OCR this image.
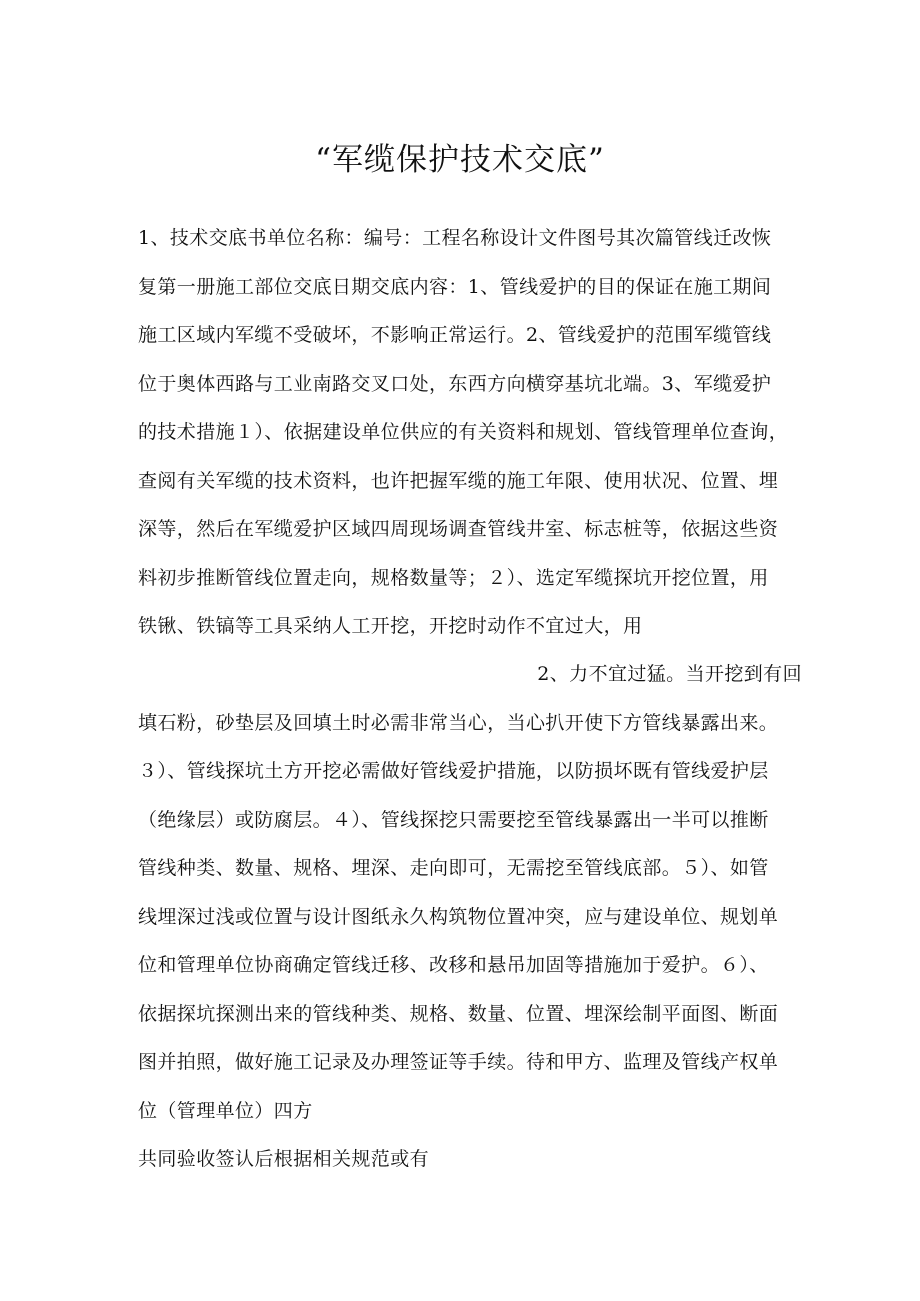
“军缆保护技术交底”
1、技术交底书单位名称：编号：工程名称设计文件图号其次篇管线迁改恢
复第一册施工部位交底日期交底内容：1、管线爱护的目的保证在施工期间
施工区域内军缆不受破坏，不影响正常运行。2、管线爱护的范围军缆管线
位于奥体西路与工业南路交叉口处，东西方向横穿基坑北端。3、军缆爱护
的技术措施１）、依据建设单位供应的有关资料和规划、管线管理单位查询，
查阅有关军缆的技术资料，也许把握军缆的施工年限、使用状况、位置、埋
深等，然后在军缆爱护区域四周现场调查管线井室、标志桩等，依据这些资
料初步推断管线位置走向，规格数量等；２）、选定军缆探坑开挖位置，用
铁锹、铁镐等工具采纳人工开挖，开挖时动作不宜过大，用
2、力不宜过猛。当开挖到有回
填石粉，砂垫层及回填土时必需非常当心，当心扒开使下方管线暴露出来。
３）、管线探坑土方开挖必需做好管线爱护措施，以防损坏既有管线爱护层
（绝缘层）或防腐层。４）、管线探挖只需要挖至管线暴露出一半可以推断
管线种类、数量、规格、埋深、走向即可，无需挖至管线底部。５）、如管
线埋深过浅或位置与设计图纸永久构筑物位置冲突，应与建设单位、规划单
位和管理单位协商确定管线迁移、改移和悬吊加固等措施加于爱护。６）、
依据探坑探测出来的管线种类、规格、数量、位置、埋深绘制平面图、断面
图并拍照，做好施工记录及办理签证等手续。待和甲方、监理及管线产权单
位（管理单位）四方
共同验收签认后根据相关规范或有
